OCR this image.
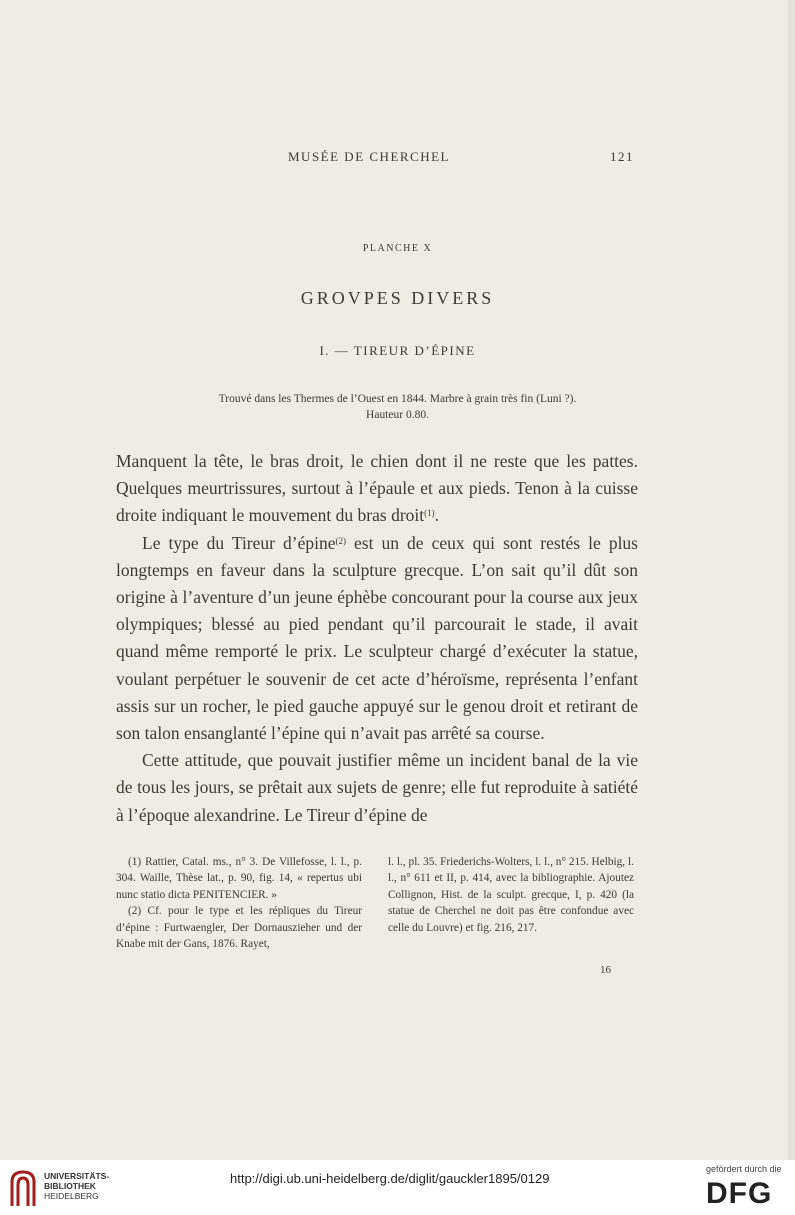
MUSÉE DE CHERCHEL	121
PLANCHE X
GROVPES DIVERS
I. — TIREUR D’ÉPINE
Trouvé dans les Thermes de l’Ouest en 1844. Marbre à grain très fin (Luni ?).
Hauteur 0.80.

Manquent la tête, le bras droit, le chien dont il ne reste que les pattes. Quelques meurtrissures, surtout à l’épaule et aux pieds. Tenon à la cuisse droite indiquant le mouvement du bras droit$^{(1)}$.

Le type du Tireur d’épine$^{(2)}$ est un de ceux qui sont restés le plus longtemps en faveur dans la sculpture grecque. L’on sait qu’il dût son origine à l’aventure d’un jeune éphèbe concourant pour la course aux jeux olympiques; blessé au pied pendant qu’il parcourait le stade, il avait quand même remporté le prix. Le sculpteur chargé d’exécuter la statue, voulant perpétuer le souvenir de cet acte d’héroïsme, représenta l’enfant assis sur un rocher, le pied gauche appuyé sur le genou droit et retirant de son talon ensanglanté l’épine qui n’avait pas arrêté sa course.

Cette attitude, que pouvait justifier même un incident banal de la vie de tous les jours, se prêtait aux sujets de genre; elle fut reproduite à satiété à l’époque alexandrine. Le Tireur d’épine de

(1) Rattier, Catal. ms., n° 3. De Villefosse, l. l., p. 304. Waille, Thèse lat., p. 90, fig. 14, « repertus ubi nunc statio dicta PENITENCIER. »

(2) Cf. pour le type et les répliques du Tireur d’épine : Furtwaengler, Der Dornauszieher und der Knabe mit der Gans, 1876. Rayet,

l. l., pl. 35. Friederichs-Wolters, l. l., n° 215. Helbig, l. l., n° 611 et II, p. 414, avec la bibliographie. Ajoutez Collignon, Hist. de la sculpt. grecque, I, p. 420 (la statue de Cherchel ne doit pas être confondue avec celle du Louvre) et fig. 216, 217.

16
UNIVERSITÄTS-
BIBLIOTHEK
HEIDELBERG
http://digi.ub.uni-heidelberg.de/diglit/gauckler1895/0129
gefördert durch die
DFG
